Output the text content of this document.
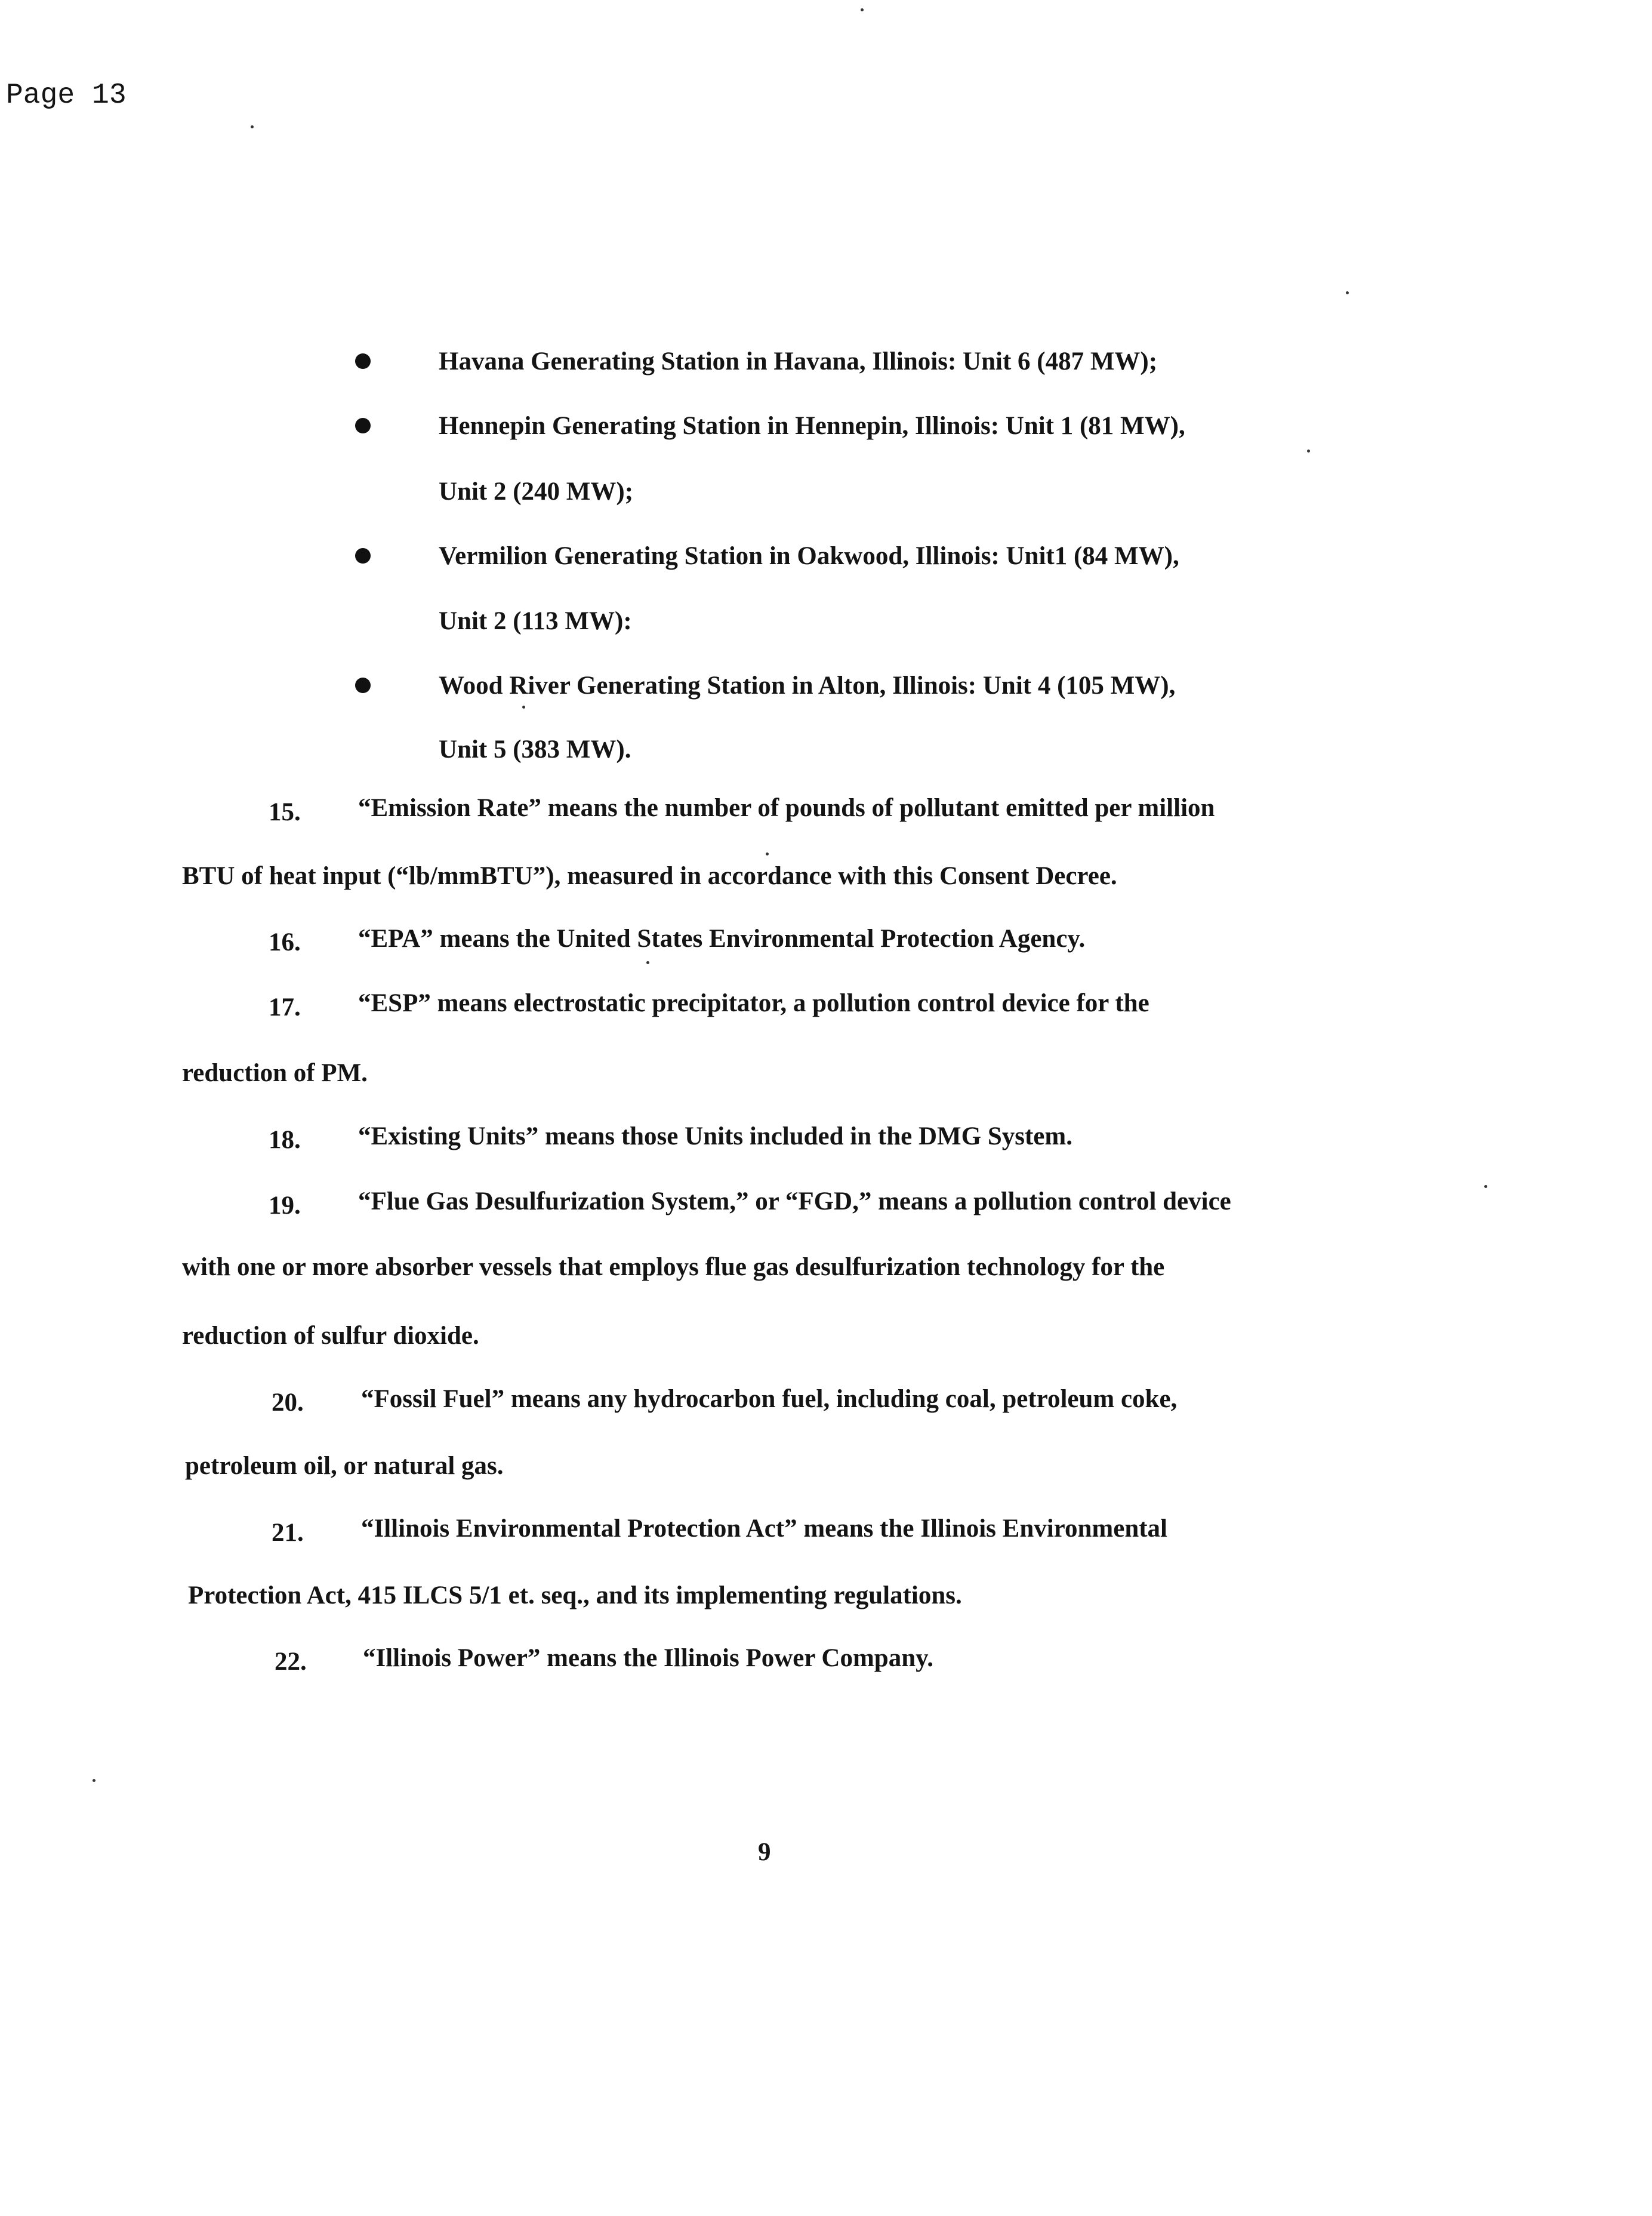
Page 13
Havana Generating Station in Havana, Illinois: Unit 6 (487 MW);
Hennepin Generating Station in Hennepin, Illinois: Unit 1 (81 MW),
Unit 2 (240 MW);
Vermilion Generating Station in Oakwood, Illinois: Unit1 (84 MW),
Unit 2 (113 MW):
Wood River Generating Station in Alton, Illinois: Unit 4 (105 MW),
Unit 5 (383 MW).
15. “Emission Rate” means the number of pounds of pollutant emitted per million
BTU of heat input (“lb/mmBTU”), measured in accordance with this Consent Decree.
16. “EPA” means the United States Environmental Protection Agency.
17. “ESP” means electrostatic precipitator, a pollution control device for the
reduction of PM.
18. “Existing Units” means those Units included in the DMG System.
19. “Flue Gas Desulfurization System,” or “FGD,” means a pollution control device
with one or more absorber vessels that employs flue gas desulfurization technology for the
reduction of sulfur dioxide.
20. “Fossil Fuel” means any hydrocarbon fuel, including coal, petroleum coke,
petroleum oil, or natural gas.
21. “Illinois Environmental Protection Act” means the Illinois Environmental
Protection Act, 415 ILCS 5/1 et. seq., and its implementing regulations.
22. “Illinois Power” means the Illinois Power Company.
9
